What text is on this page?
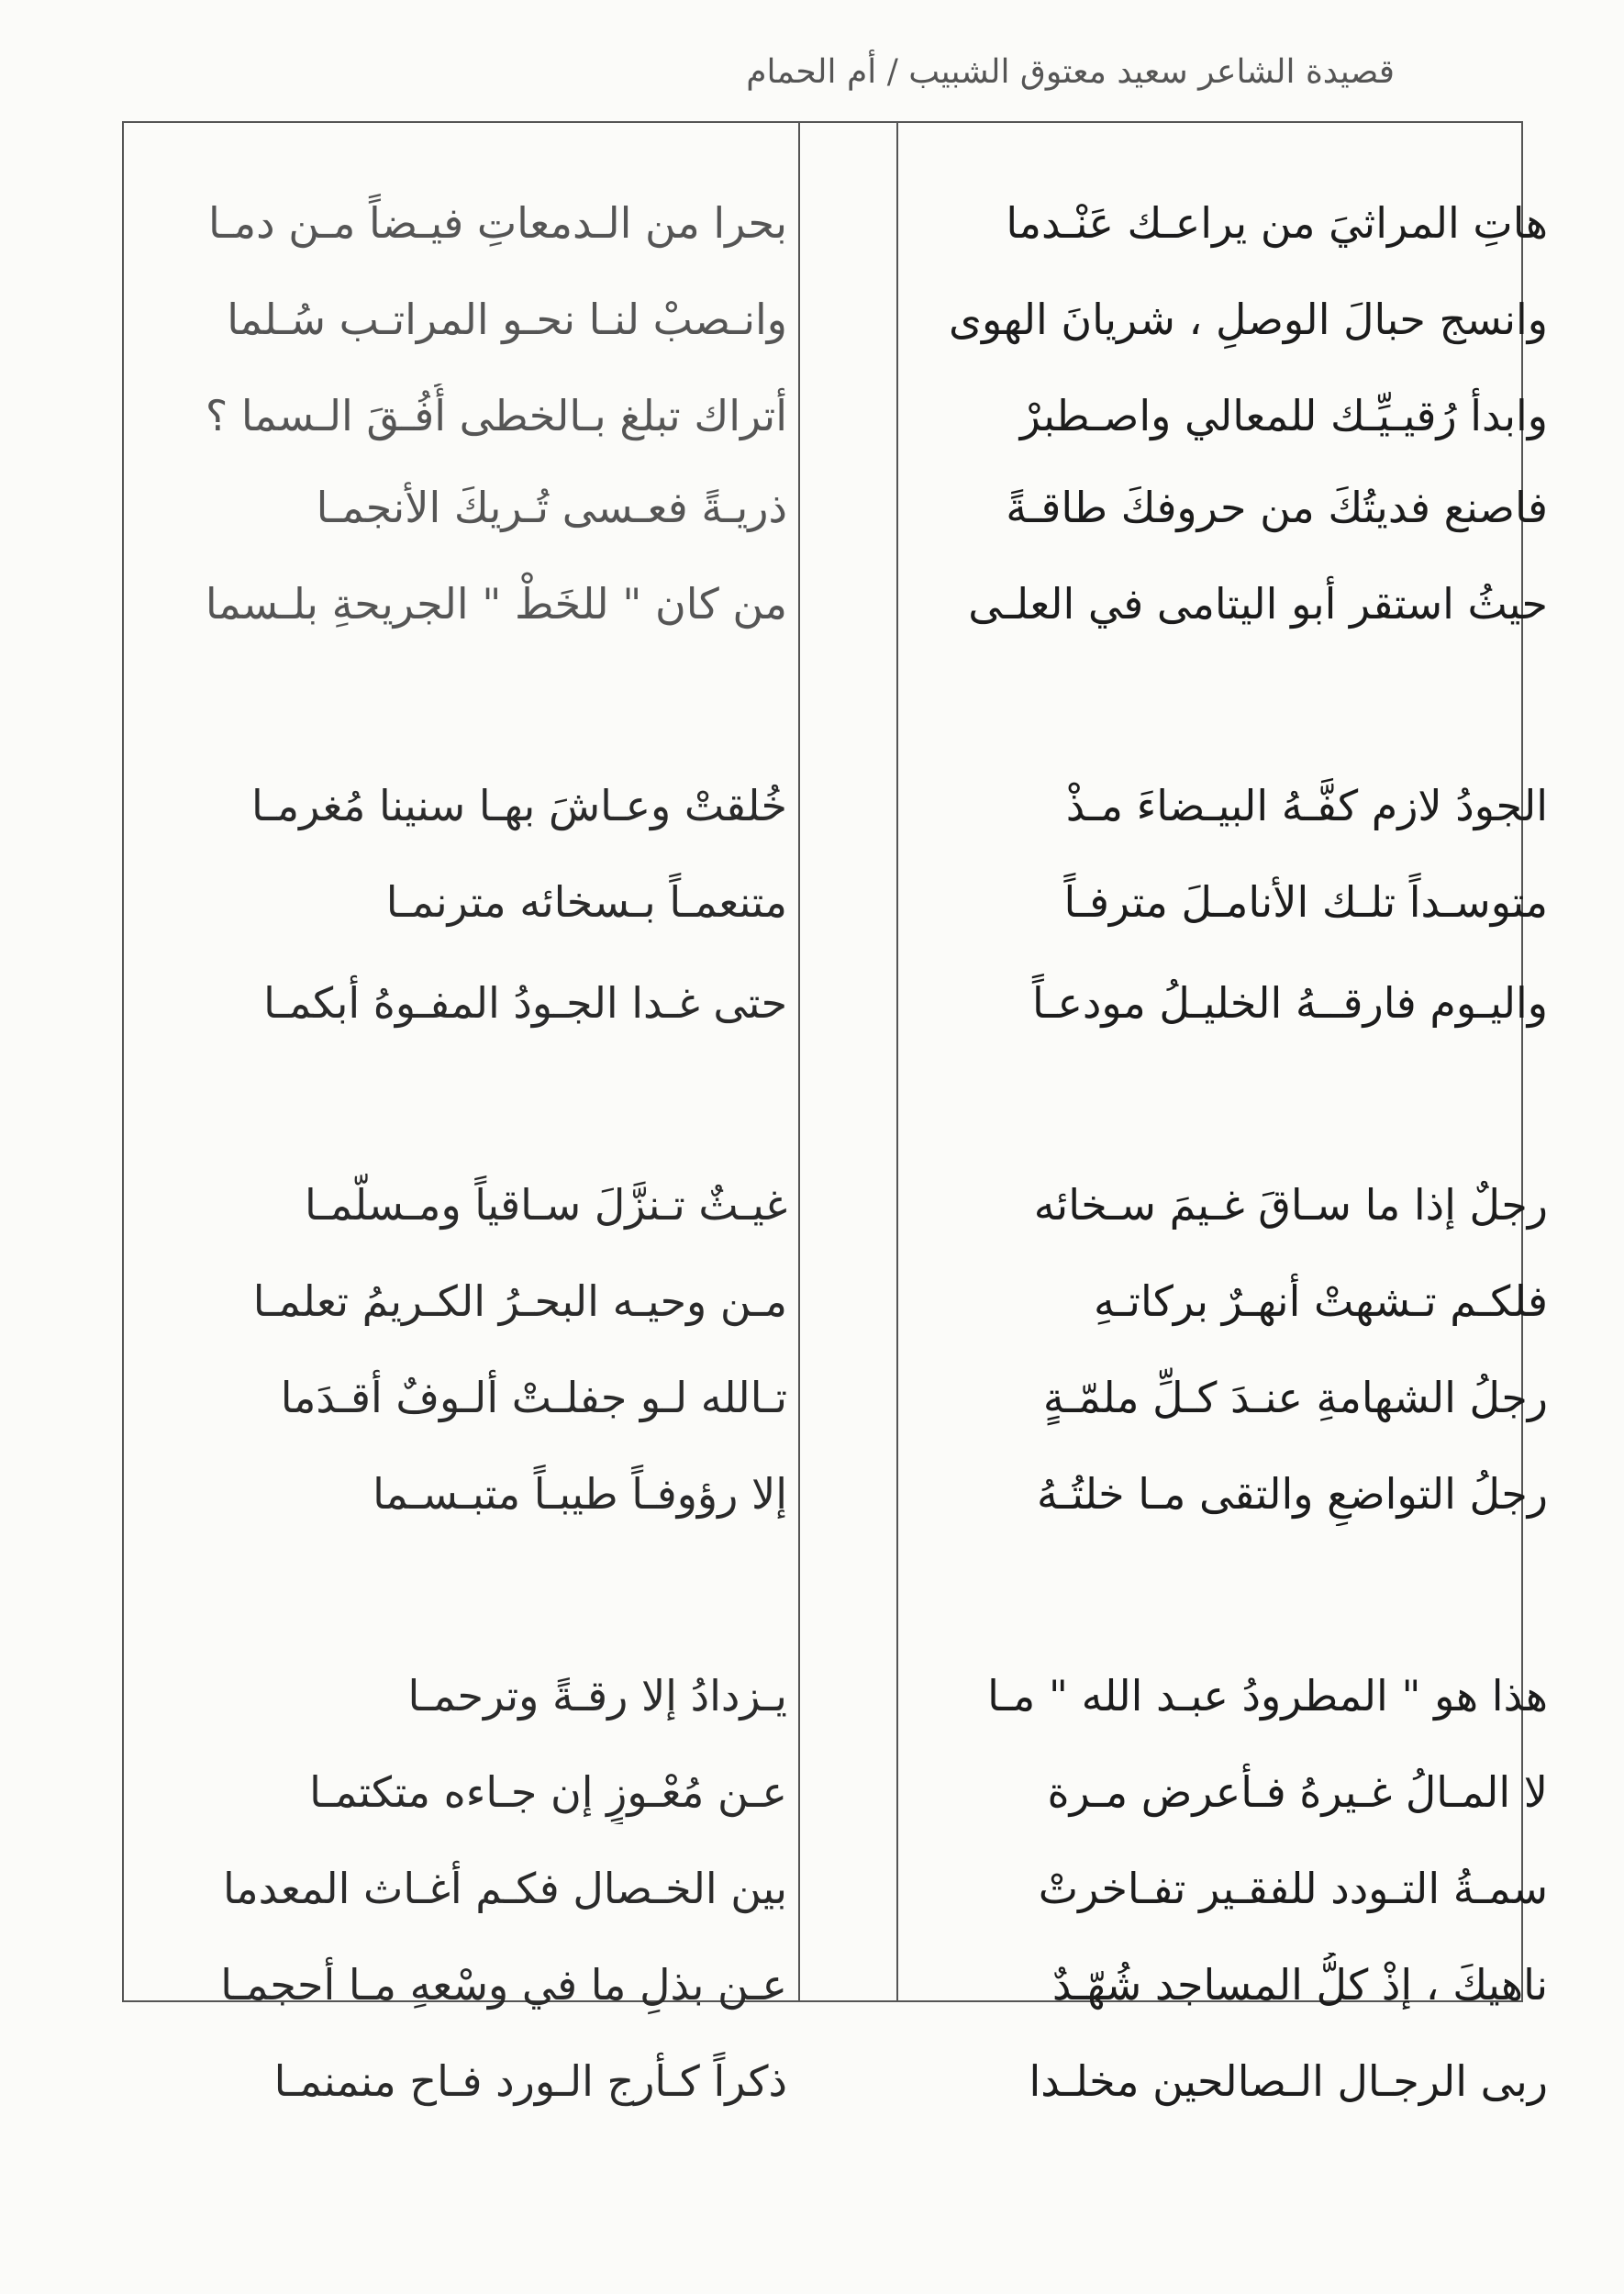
قصيدة الشاعر سعيد معتوق الشبيب / أم الحمام
هاتِ المراثيَ من يراعـك عَنْـدما
وانسج حبالَ الوصلِ ، شريانَ الهوى
وابدأ رُقيـيِّـك للمعالي واصـطبرْ
فاصنع فديتُكَ من حروفكَ طاقـةً
حيثُ استقر أبو اليتامى في العلـى
الجودُ لازم كفَّـهُ البيـضاءَ مـذْ
متوسـداً تلـك الأنامـلَ مترفـاً
واليـوم فارقــهُ الخليـلُ مودعـاً
رجلٌ إذا ما سـاقَ غـيمَ سـخائه
فلكـم تـشهتْ أنهـرٌ بركاتـهِ
رجلُ الشهامةِ عنـدَ كـلِّ ملمّـةٍ
رجلُ التواضعِ والتقى مـا خلتُـهُ
هذا هو " المطرودُ عبـد الله " مـا
لا المـالُ غـيرهُ فـأعرض مـرة
سمـةُ التـودد للفقـير تفـاخرتْ
ناهيكَ ، إذْ كلُّ المساجد شُهّـدٌ
ربى الرجـال الـصالحين مخلـدا
بحرا من الـدمعاتِ فيـضاً مـن دمـا
وانـصبْ لنـا نحـو المراتـب سُـلما
أتراك تبلغ بـالخطى أُفُـقَ الـسما ؟
ذريـةً فعـسى تُـريكَ الأنجمـا
من كان " للخَطْ " الجريحةِ بلـسما
خُلقتْ وعـاشَ بهـا سنينا مُغرمـا
متنعمـاً بـسخائه مترنمـا
حتى غـدا الجـودُ المفـوهُ أبكمـا
غيـثٌ تـنزَّلَ سـاقياً ومـسلّمـا
مـن وحيـه البحـرُ الكـريمُ تعلمـا
تـالله لـو جفلـتْ ألـوفٌ أقـدَما
إلا رؤوفـاً طيبـاً متبـسـما
يـزدادُ إلا رقـةً وترحمـا
عـن مُعْـوزٍ إن جـاءه متكتمـا
بين الخـصال فكـم أغـاث المعدما
عـن بذلِ ما في وسْعهِ مـا أحجمـا
ذكراً كـأرج الـورد فـاح منمنمـا
